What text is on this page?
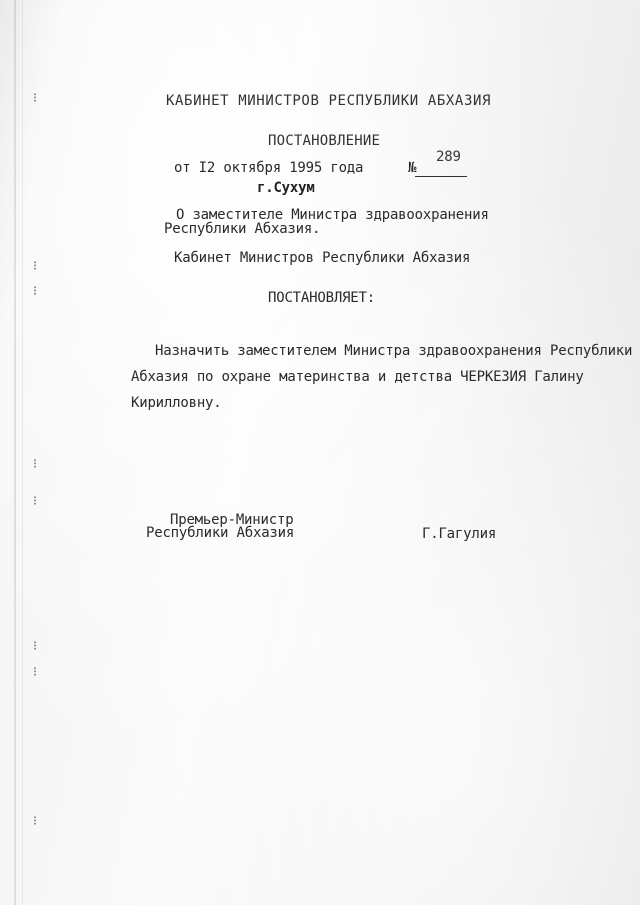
⁝
⁝
⁝
⁝
⁝
⁝
⁝
⁝
КАБИНЕТ МИНИСТРОВ РЕСПУБЛИКИ АБХАЗИЯ
ПОСТАНОВЛЕНИЕ
от I2 октября 1995 года	№
289
г.Сухум
О заместителе Министра здравоохранения
Республики Абхазия.
Кабинет Министров Республики Абхазия
ПОСТАНОВЛЯЕТ:
Назначить заместителем Министра здравоохранения Республики
Абхазия по охране материнства и детства ЧЕРКЕЗИЯ Галину
Кирилловну.
Премьер-Министр
Республики Абхазия	Г.Гагулия
